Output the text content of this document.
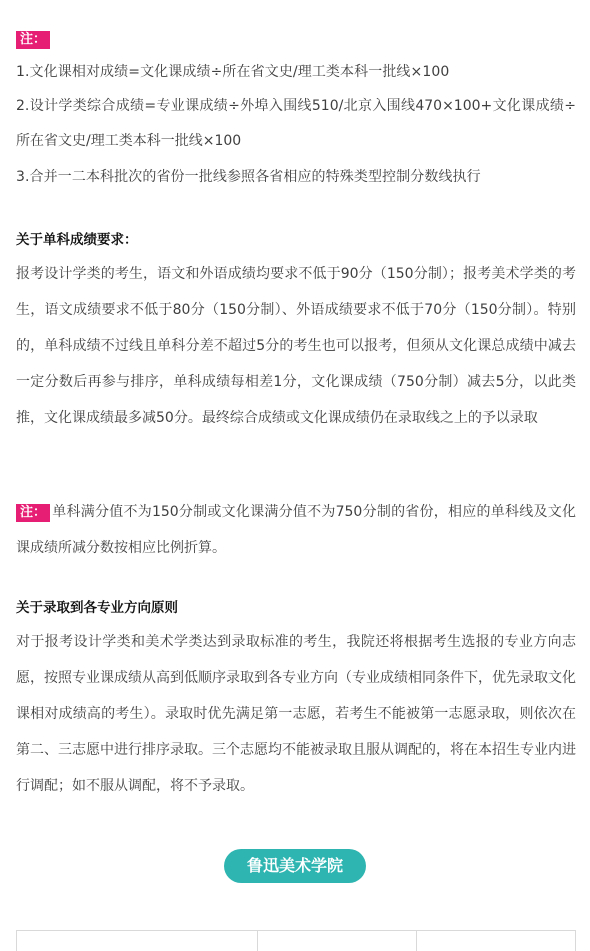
注：
1.文化课相对成绩=文化课成绩÷所在省文史/理工类本科一批线×100
2.设计学类综合成绩=专业课成绩÷外埠入围线510/北京入围线470×100+文化课成绩÷所在省文史/理工类本科一批线×100
3.合并一二本科批次的省份一批线参照各省相应的特殊类型控制分数线执行
关于单科成绩要求：
报考设计学类的考生，语文和外语成绩均要求不低于90分（150分制）；报考美术学类的考生，语文成绩要求不低于80分（150分制）、外语成绩要求不低于70分（150分制）。特别的，单科成绩不过线且单科分差不超过5分的考生也可以报考，但须从文化课总成绩中减去一定分数后再参与排序，单科成绩每相差1分，文化课成绩（750分制）减去5分，以此类推，文化课成绩最多减50分。最终综合成绩或文化课成绩仍在录取线之上的予以录取
注： 单科满分值不为150分制或文化课满分值不为750分制的省份，相应的单科线及文化课成绩所减分数按相应比例折算。
关于录取到各专业方向原则
对于报考设计学类和美术学类达到录取标准的考生，我院还将根据考生选报的专业方向志愿，按照专业课成绩从高到低顺序录取到各专业方向（专业成绩相同条件下，优先录取文化课相对成绩高的考生）。录取时优先满足第一志愿，若考生不能被第一志愿录取，则依次在第二、三志愿中进行排序录取。三个志愿均不能被录取且服从调配的，将在本招生专业内进行调配；如不服从调配，将不予录取。
鲁迅美术学院
